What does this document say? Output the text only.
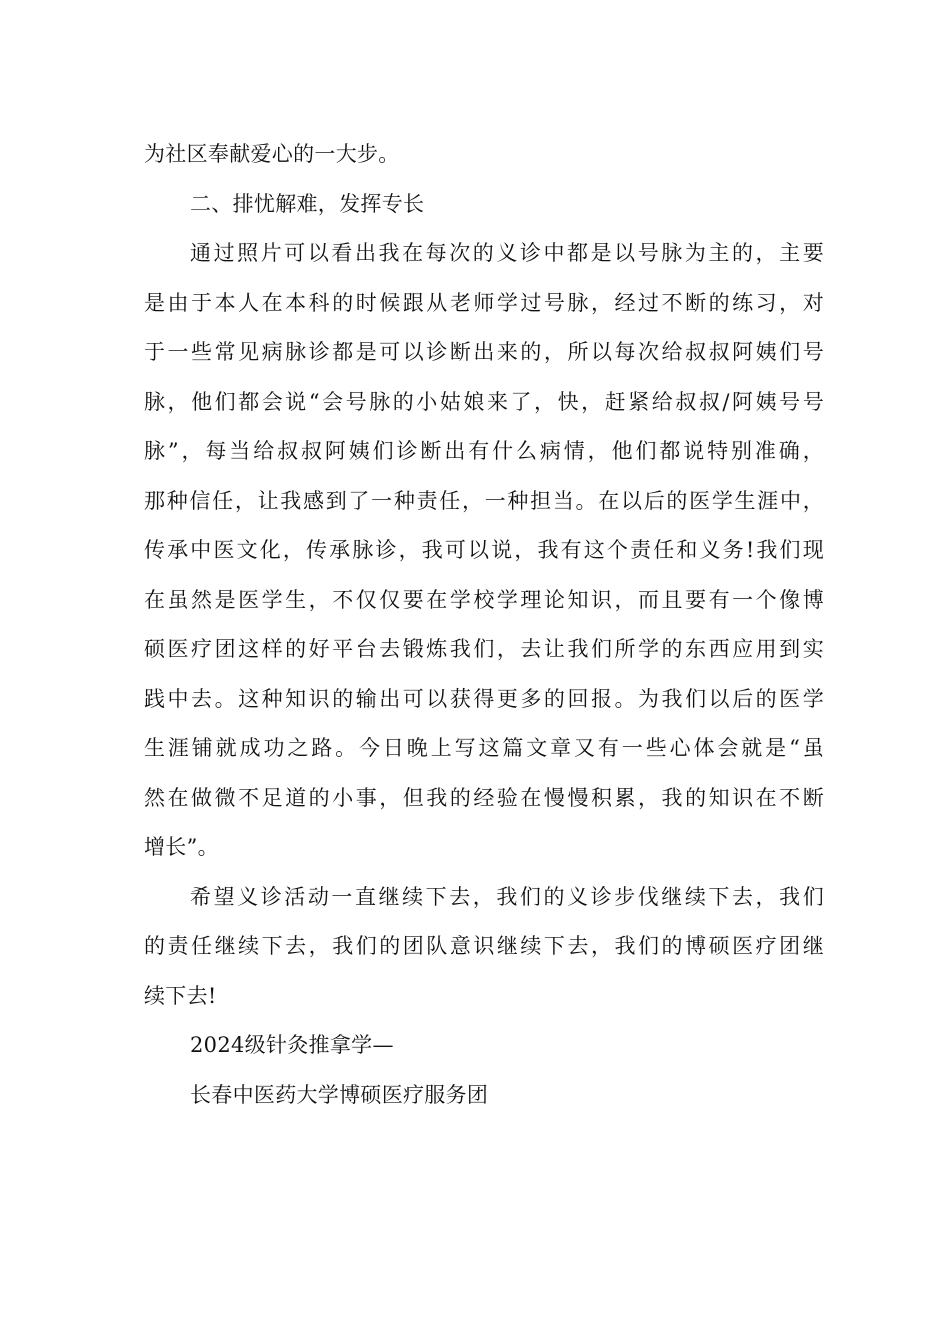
为社区奉献爱心的一大步。
二、排忧解难，发挥专长
通过照片可以看出我在每次的义诊中都是以号脉为主的，主要
是由于本人在本科的时候跟从老师学过号脉，经过不断的练习，对
于一些常见病脉诊都是可以诊断出来的，所以每次给叔叔阿姨们号
脉，他们都会说“会号脉的小姑娘来了，快，赶紧给叔叔/阿姨号号
脉”，每当给叔叔阿姨们诊断出有什么病情，他们都说特别准确，
那种信任，让我感到了一种责任，一种担当。在以后的医学生涯中，
传承中医文化，传承脉诊，我可以说，我有这个责任和义务!我们现
在虽然是医学生，不仅仅要在学校学理论知识，而且要有一个像博
硕医疗团这样的好平台去锻炼我们，去让我们所学的东西应用到实
践中去。这种知识的输出可以获得更多的回报。为我们以后的医学
生涯铺就成功之路。今日晚上写这篇文章又有一些心体会就是“虽
然在做微不足道的小事，但我的经验在慢慢积累，我的知识在不断
增长”。
希望义诊活动一直继续下去，我们的义诊步伐继续下去，我们
的责任继续下去，我们的团队意识继续下去，我们的博硕医疗团继
续下去!
2024级针灸推拿学—
长春中医药大学博硕医疗服务团
